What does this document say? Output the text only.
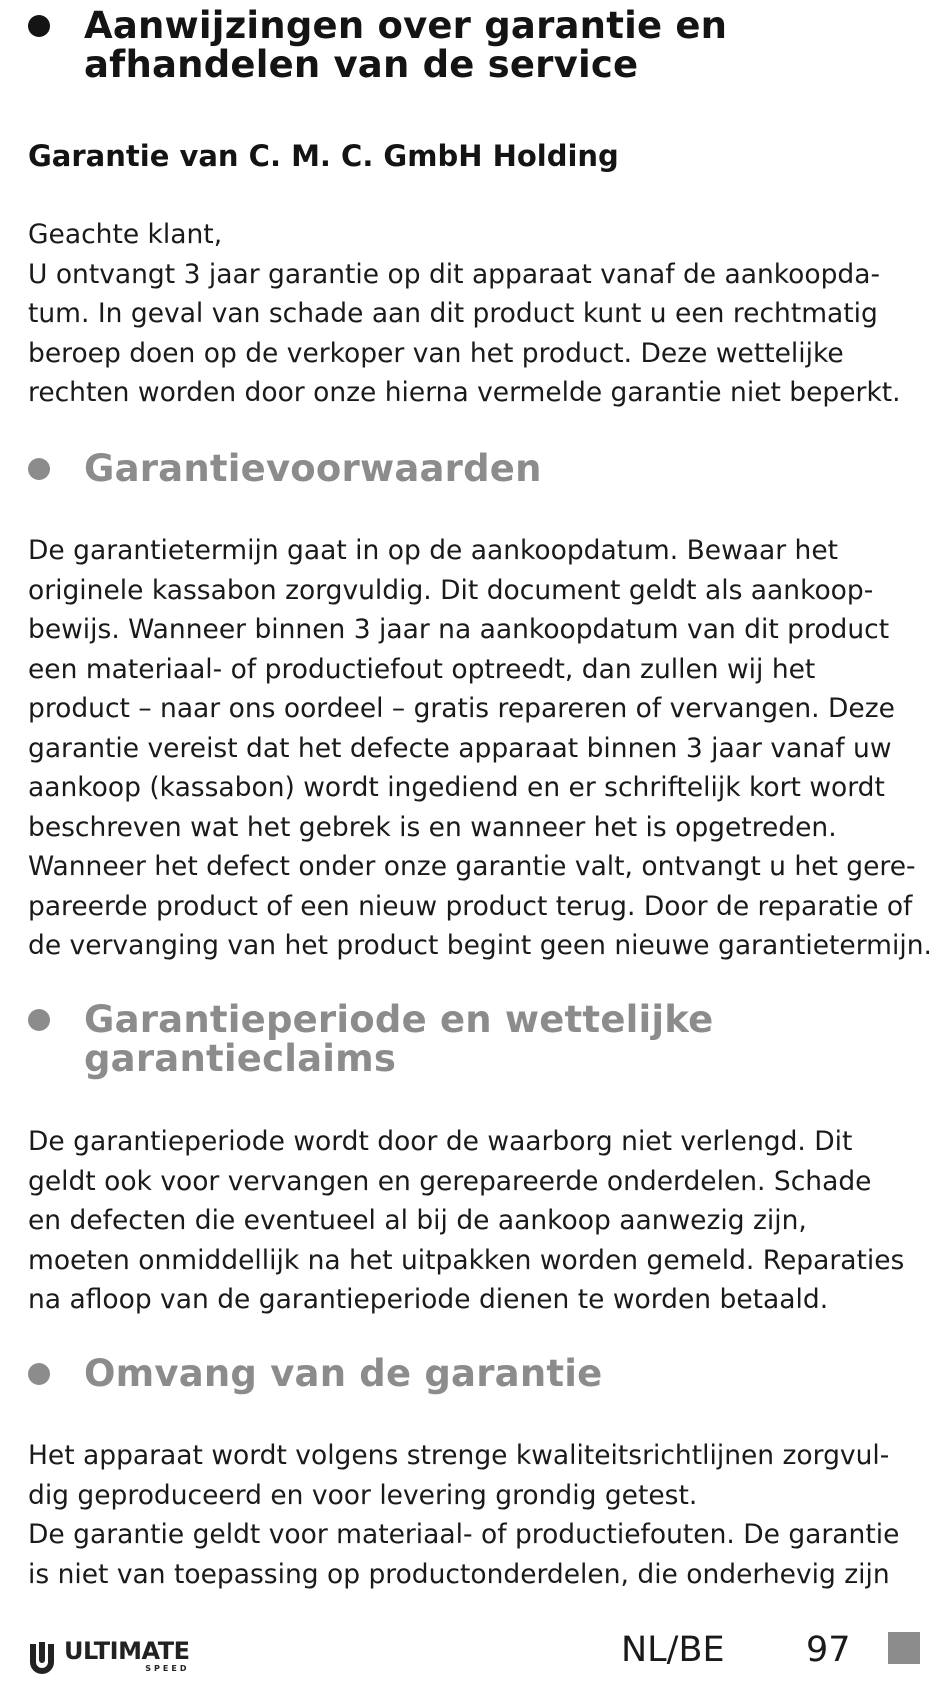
Aanwijzingen over garantie en
afhandelen van de service
Garantie van C. M. C. GmbH Holding
Geachte klant,
U ontvangt 3 jaar garantie op dit apparaat vanaf de aankoopda-
tum. In geval van schade aan dit product kunt u een rechtmatig
beroep doen op de verkoper van het product. Deze wettelijke
rechten worden door onze hierna vermelde garantie niet beperkt.
Garantievoorwaarden
De garantietermijn gaat in op de aankoopdatum. Bewaar het
originele kassabon zorgvuldig. Dit document geldt als aankoop-
bewijs. Wanneer binnen 3 jaar na aankoopdatum van dit product
een materiaal- of productiefout optreedt, dan zullen wij het
product – naar ons oordeel – gratis repareren of vervangen. Deze
garantie vereist dat het defecte apparaat binnen 3 jaar vanaf uw
aankoop (kassabon) wordt ingediend en er schriftelijk kort wordt
beschreven wat het gebrek is en wanneer het is opgetreden.
Wanneer het defect onder onze garantie valt, ontvangt u het gere-
pareerde product of een nieuw product terug. Door de reparatie of
de vervanging van het product begint geen nieuwe garantietermijn.
Garantieperiode en wettelijke
garantieclaims
De garantieperiode wordt door de waarborg niet verlengd. Dit
geldt ook voor vervangen en gerepareerde onderdelen. Schade
en defecten die eventueel al bij de aankoop aanwezig zijn,
moeten onmiddellijk na het uitpakken worden gemeld. Reparaties
na afloop van de garantieperiode dienen te worden betaald.
Omvang van de garantie
Het apparaat wordt volgens strenge kwaliteitsrichtlijnen zorgvul-
dig geproduceerd en voor levering grondig getest.
De garantie geldt voor materiaal- of productiefouten. De garantie
is niet van toepassing op productonderdelen, die onderhevig zijn
ULTIMATE
SPEED	NL/BE 97
